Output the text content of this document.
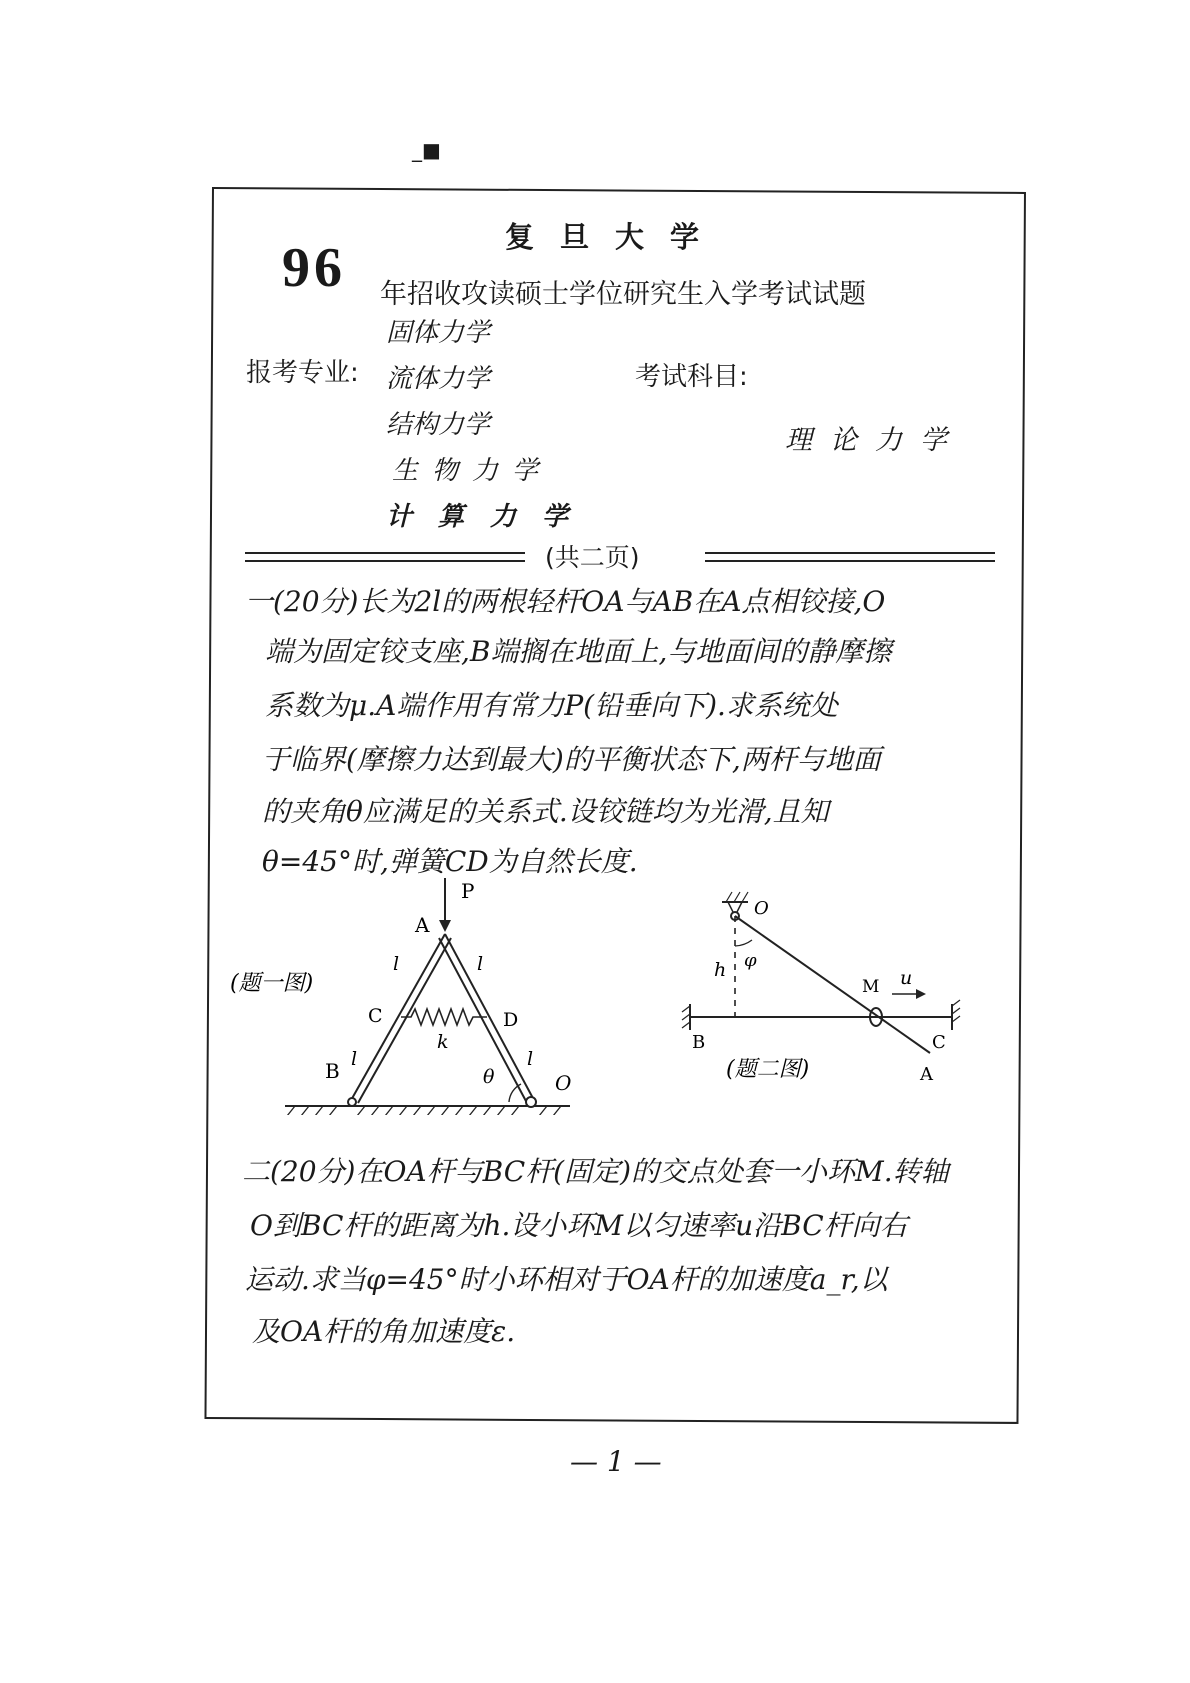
_■
复旦大学
96 年招收攻读硕士学位研究生入学考试试题
报考专业:
固体力学
流体力学
结构力学
生物力学
计算力学
考试科目:
理论力学
(共二页)
一(20分)长为2l的两根轻杆OA与AB在A点相铰接,O
端为固定铰支座,B端搁在地面上,与地面间的静摩擦
系数为μ.A端作用有常力P(铅垂向下).求系统处
于临界(摩擦力达到最大)的平衡状态下,两杆与地面
的夹角θ应满足的关系式.设铰链均为光滑,且知
θ=45°时,弹簧CD为自然长度.
P
A
C	D
k
l	l
l	l
B	O
θ
(题一图)
O
h φ
B	C
M u
A
(题二图)
二(20分)在OA杆与BC杆(固定)的交点处套一小环M.转轴
O到BC杆的距离为h.设小环M以匀速率u沿BC杆向右
运动.求当φ=45°时小环相对于OA杆的加速度a_r,以
及OA杆的角加速度ε.
— 1 —
